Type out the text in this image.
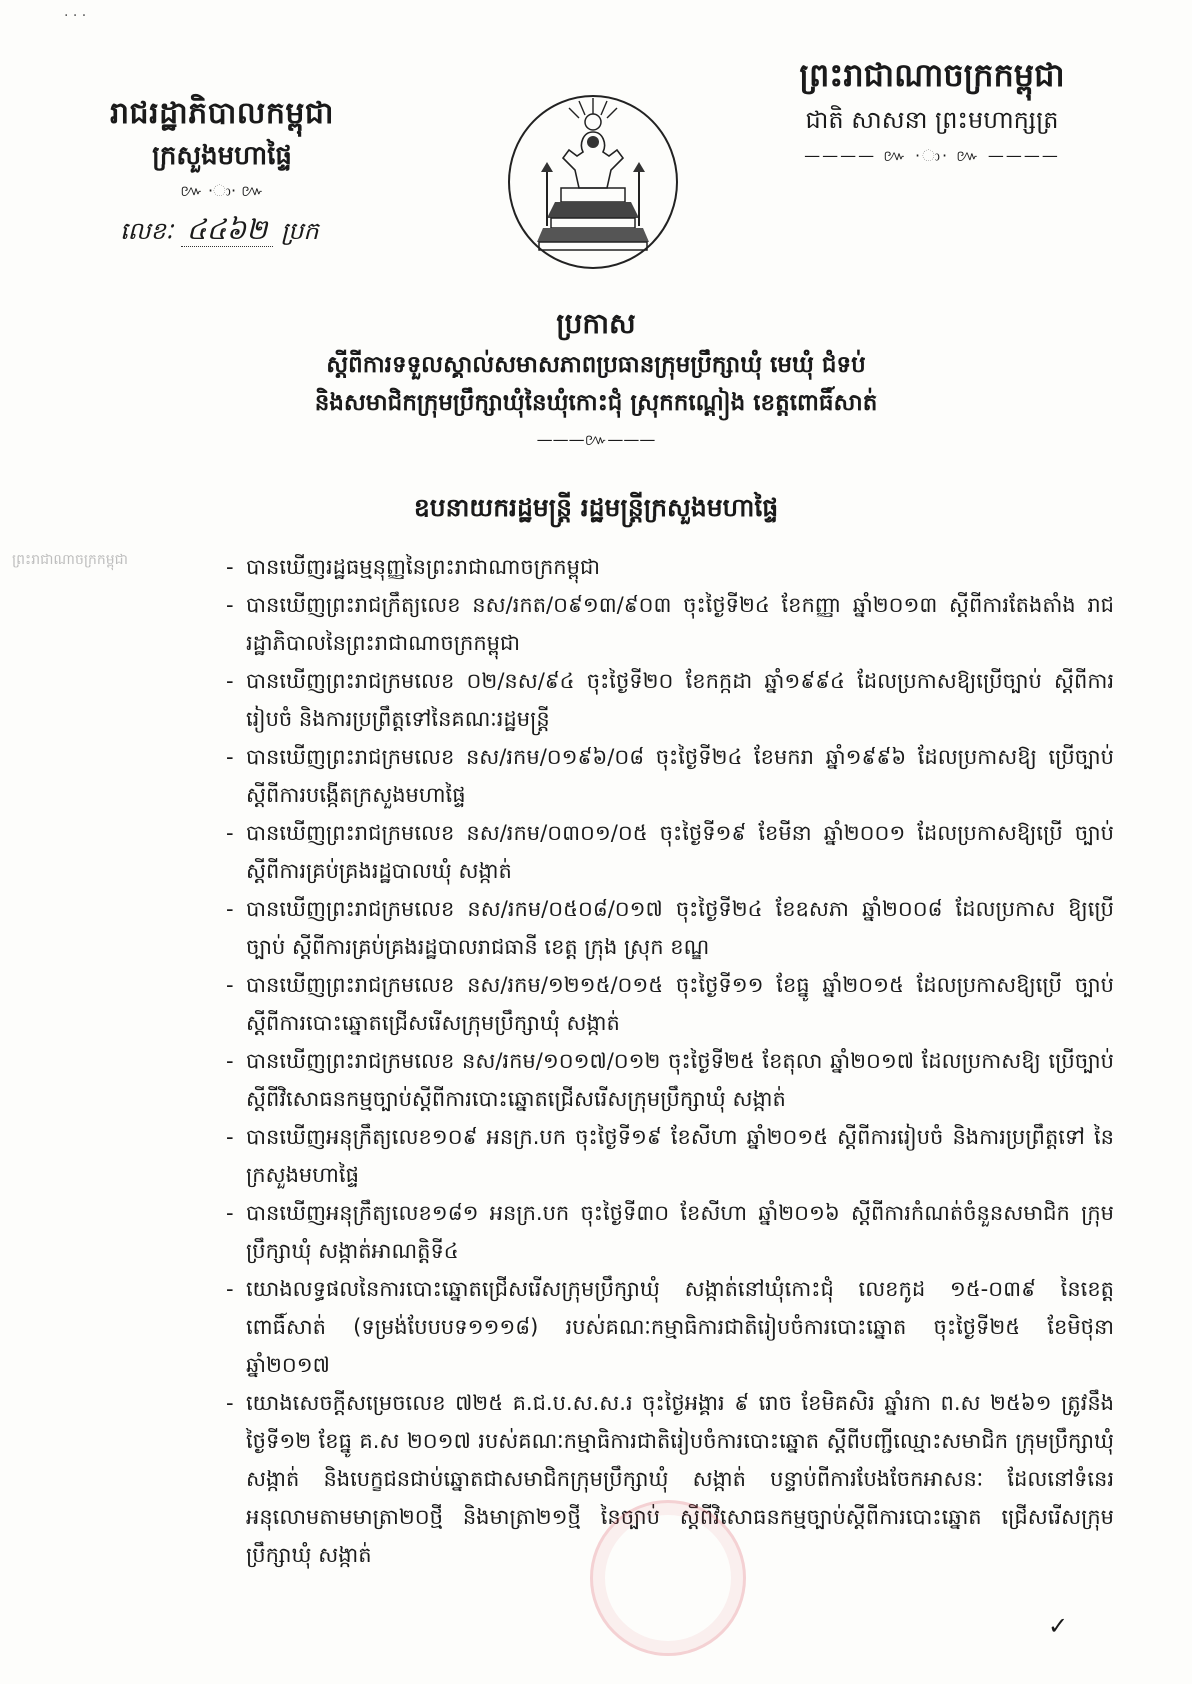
· · ·
រាជរដ្ឋាភិបាលកម្ពុជា
ក្រសួងមហាផ្ទៃ
៚ ·ා· ៚
លេខៈ ៤៤៦២ ប្រក
ព្រះរាជាណាចក្រកម្ពុជា
ជាតិ សាសនា ព្រះមហាក្សត្រ
———— ៚ ·ා· ៚ ————
ប្រកាស
ស្ដីពីការទទួលស្គាល់សមាសភាពប្រធានក្រុមប្រឹក្សាឃុំ មេឃុំ ជំទប់
និងសមាជិកក្រុមប្រឹក្សាឃុំនៃឃុំកោះជុំ ស្រុកកណ្ដៀង ខេត្តពោធិ៍សាត់
———៚———
ឧបនាយករដ្ឋមន្ត្រី រដ្ឋមន្ត្រីក្រសួងមហាផ្ទៃ
ព្រះរាជាណាចក្រកម្ពុជា	- បានឃើញរដ្ឋធម្មនុញ្ញនៃព្រះរាជាណាចក្រកម្ពុជា
- បានឃើញព្រះរាជក្រឹត្យលេខ នស/រកត/០៩១៣/៩០៣ ចុះថ្ងៃទី២៤ ខែកញ្ញា ឆ្នាំ២០១៣ ស្ដីពីការតែងតាំង រាជរដ្ឋាភិបាលនៃព្រះរាជាណាចក្រកម្ពុជា
- បានឃើញព្រះរាជក្រមលេខ ០២/នស/៩៤ ចុះថ្ងៃទី២០ ខែកក្កដា ឆ្នាំ១៩៩៤ ដែលប្រកាសឱ្យប្រើច្បាប់ ស្ដីពីការរៀបចំ និងការប្រព្រឹត្តទៅនៃគណៈរដ្ឋមន្ត្រី
- បានឃើញព្រះរាជក្រមលេខ នស/រកម/០១៩៦/០៨ ចុះថ្ងៃទី២៤ ខែមករា ឆ្នាំ១៩៩៦ ដែលប្រកាសឱ្យ ប្រើច្បាប់ ស្ដីពីការបង្កើតក្រសួងមហាផ្ទៃ
- បានឃើញព្រះរាជក្រមលេខ នស/រកម/០៣០១/០៥ ចុះថ្ងៃទី១៩ ខែមីនា ឆ្នាំ២០០១ ដែលប្រកាសឱ្យប្រើ ច្បាប់ ស្ដីពីការគ្រប់គ្រងរដ្ឋបាលឃុំ សង្កាត់
- បានឃើញព្រះរាជក្រមលេខ នស/រកម/០៥០៨/០១៧ ចុះថ្ងៃទី២៤ ខែឧសភា ឆ្នាំ២០០៨ ដែលប្រកាស ឱ្យប្រើច្បាប់ ស្ដីពីការគ្រប់គ្រងរដ្ឋបាលរាជធានី ខេត្ត ក្រុង ស្រុក ខណ្ឌ
- បានឃើញព្រះរាជក្រមលេខ នស/រកម/១២១៥/០១៥ ចុះថ្ងៃទី១១ ខែធ្នូ ឆ្នាំ២០១៥ ដែលប្រកាសឱ្យប្រើ ច្បាប់ ស្ដីពីការបោះឆ្នោតជ្រើសរើសក្រុមប្រឹក្សាឃុំ សង្កាត់
- បានឃើញព្រះរាជក្រមលេខ នស/រកម/១០១៧/០១២ ចុះថ្ងៃទី២៥ ខែតុលា ឆ្នាំ២០១៧ ដែលប្រកាសឱ្យ ប្រើច្បាប់ ស្ដីពីវិសោធនកម្មច្បាប់ស្ដីពីការបោះឆ្នោតជ្រើសរើសក្រុមប្រឹក្សាឃុំ សង្កាត់
- បានឃើញអនុក្រឹត្យលេខ១០៩ អនក្រ.បក ចុះថ្ងៃទី១៩ ខែសីហា ឆ្នាំ២០១៥ ស្ដីពីការរៀបចំ និងការប្រព្រឹត្តទៅ នៃក្រសួងមហាផ្ទៃ
- បានឃើញអនុក្រឹត្យលេខ១៨១ អនក្រ.បក ចុះថ្ងៃទី៣០ ខែសីហា ឆ្នាំ២០១៦ ស្ដីពីការកំណត់ចំនួនសមាជិក ក្រុមប្រឹក្សាឃុំ សង្កាត់អាណត្តិទី៤
- យោងលទ្ធផលនៃការបោះឆ្នោតជ្រើសរើសក្រុមប្រឹក្សាឃុំ សង្កាត់នៅឃុំកោះជុំ លេខកូដ ១៥-០៣៩ នៃខេត្ត ពោធិ៍សាត់ (ទម្រង់បែបបទ១១១៨) របស់គណៈកម្មាធិការជាតិរៀបចំការបោះឆ្នោត ចុះថ្ងៃទី២៥ ខែមិថុនា ឆ្នាំ២០១៧
- យោងសេចក្ដីសម្រេចលេខ ៧២៥ គ.ជ.ប.ស.ស.រ ចុះថ្ងៃអង្គារ ៩ រោច ខែមិគសិរ ឆ្នាំរកា ព.ស ២៥៦១ ត្រូវនឹង ថ្ងៃទី១២ ខែធ្នូ គ.ស ២០១៧ របស់គណៈកម្មាធិការជាតិរៀបចំការបោះឆ្នោត ស្ដីពីបញ្ជីឈ្មោះសមាជិក ក្រុមប្រឹក្សាឃុំ សង្កាត់ និងបេក្ខជនជាប់ឆ្នោតជាសមាជិកក្រុមប្រឹក្សាឃុំ សង្កាត់ បន្ទាប់ពីការបែងចែកអាសនៈ ដែលនៅទំនេរអនុលោមតាមមាត្រា២០ថ្មី និងមាត្រា២១ថ្មី នៃច្បាប់ ស្ដីពីវិសោធនកម្មច្បាប់ស្ដីពីការបោះឆ្នោត ជ្រើសរើសក្រុមប្រឹក្សាឃុំ សង្កាត់
✓
